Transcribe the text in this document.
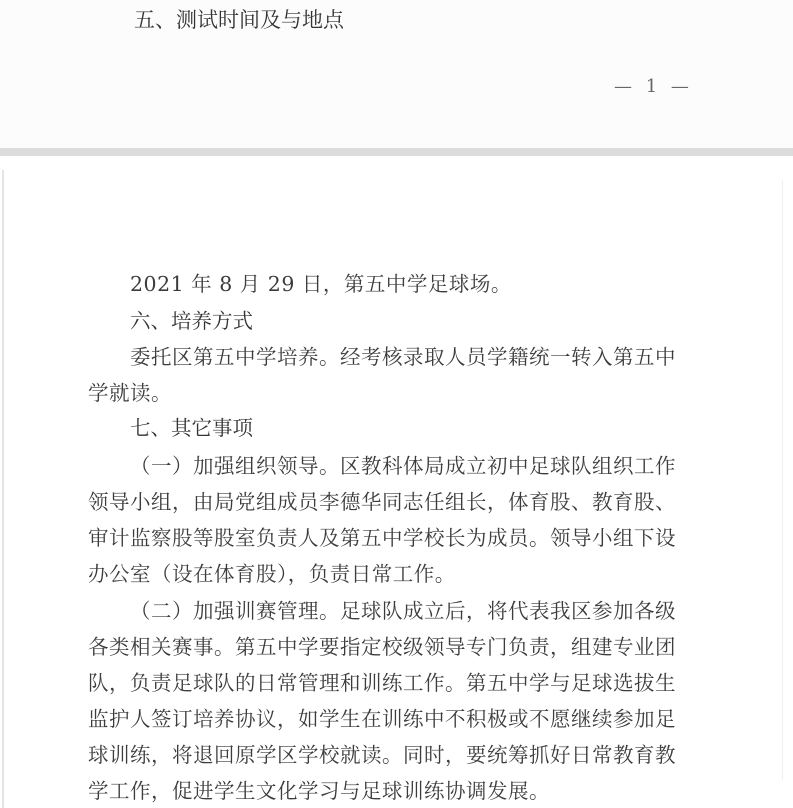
五、测试时间及与地点
— 1 —
2021 年 8 月 29 日，第五中学足球场。
六、培养方式
委托区第五中学培养。经考核录取人员学籍统一转入第五中
学就读。
七、其它事项
（一）加强组织领导。区教科体局成立初中足球队组织工作
领导小组，由局党组成员李德华同志任组长，体育股、教育股、
审计监察股等股室负责人及第五中学校长为成员。领导小组下设
办公室（设在体育股），负责日常工作。
（二）加强训赛管理。足球队成立后，将代表我区参加各级
各类相关赛事。第五中学要指定校级领导专门负责，组建专业团
队，负责足球队的日常管理和训练工作。第五中学与足球选拔生
监护人签订培养协议，如学生在训练中不积极或不愿继续参加足
球训练，将退回原学区学校就读。同时，要统筹抓好日常教育教
学工作，促进学生文化学习与足球训练协调发展。
